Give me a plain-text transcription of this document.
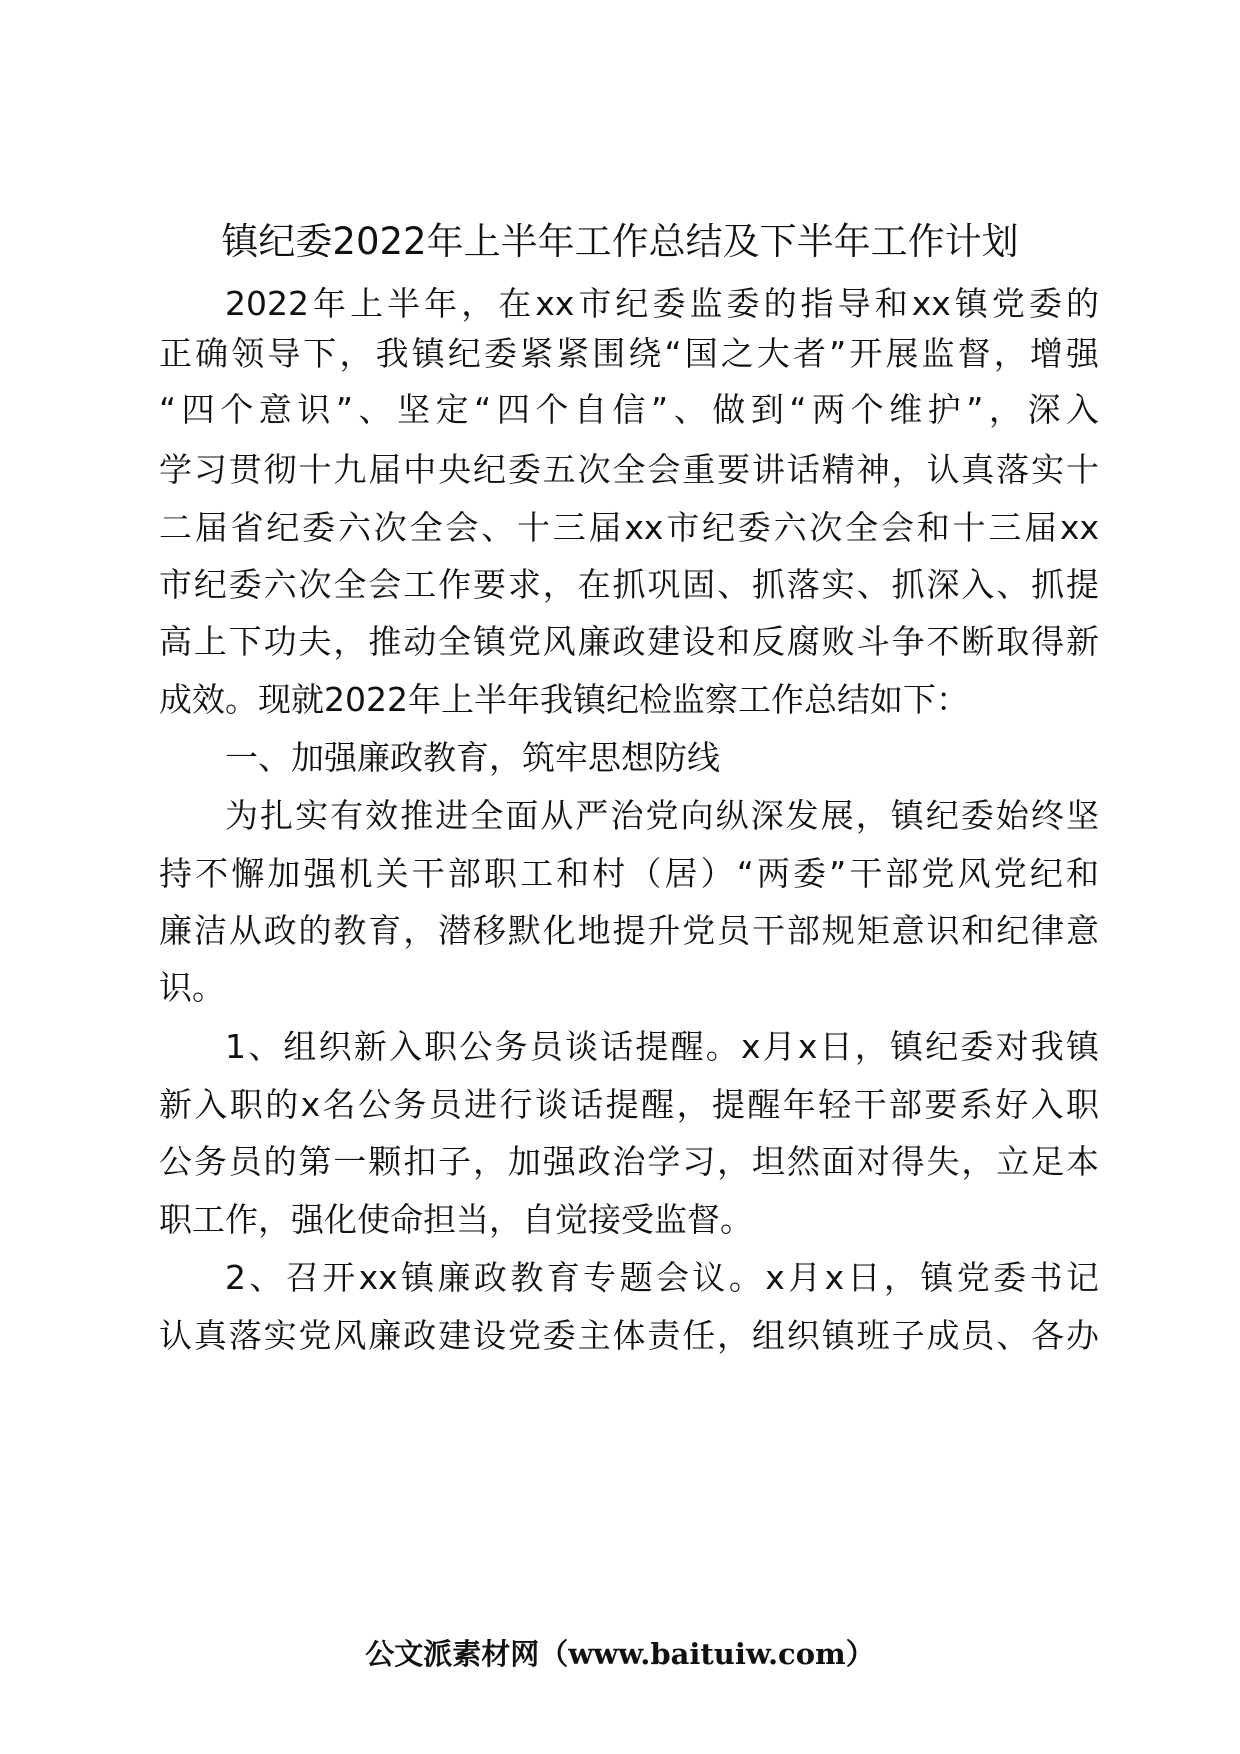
镇纪委2022年上半年工作总结及下半年工作计划
2022年上半年，在xx市纪委监委的指导和xx镇党委的
正确领导下，我镇纪委紧紧围绕“国之大者”开展监督，增强
“四个意识”、坚定“四个自信”、做到“两个维护”，深入
学习贯彻十九届中央纪委五次全会重要讲话精神，认真落实十
二届省纪委六次全会、十三届xx市纪委六次全会和十三届xx
市纪委六次全会工作要求，在抓巩固、抓落实、抓深入、抓提
高上下功夫，推动全镇党风廉政建设和反腐败斗争不断取得新
成效。现就2022年上半年我镇纪检监察工作总结如下：
一、加强廉政教育，筑牢思想防线
为扎实有效推进全面从严治党向纵深发展，镇纪委始终坚
持不懈加强机关干部职工和村（居）“两委”干部党风党纪和
廉洁从政的教育，潜移默化地提升党员干部规矩意识和纪律意
识。
1、组织新入职公务员谈话提醒。x月x日，镇纪委对我镇
新入职的x名公务员进行谈话提醒，提醒年轻干部要系好入职
公务员的第一颗扣子，加强政治学习，坦然面对得失，立足本
职工作，强化使命担当，自觉接受监督。
2、召开xx镇廉政教育专题会议。x月x日，镇党委书记
认真落实党风廉政建设党委主体责任，组织镇班子成员、各办
公文派素材网（www.baituiw.com）
